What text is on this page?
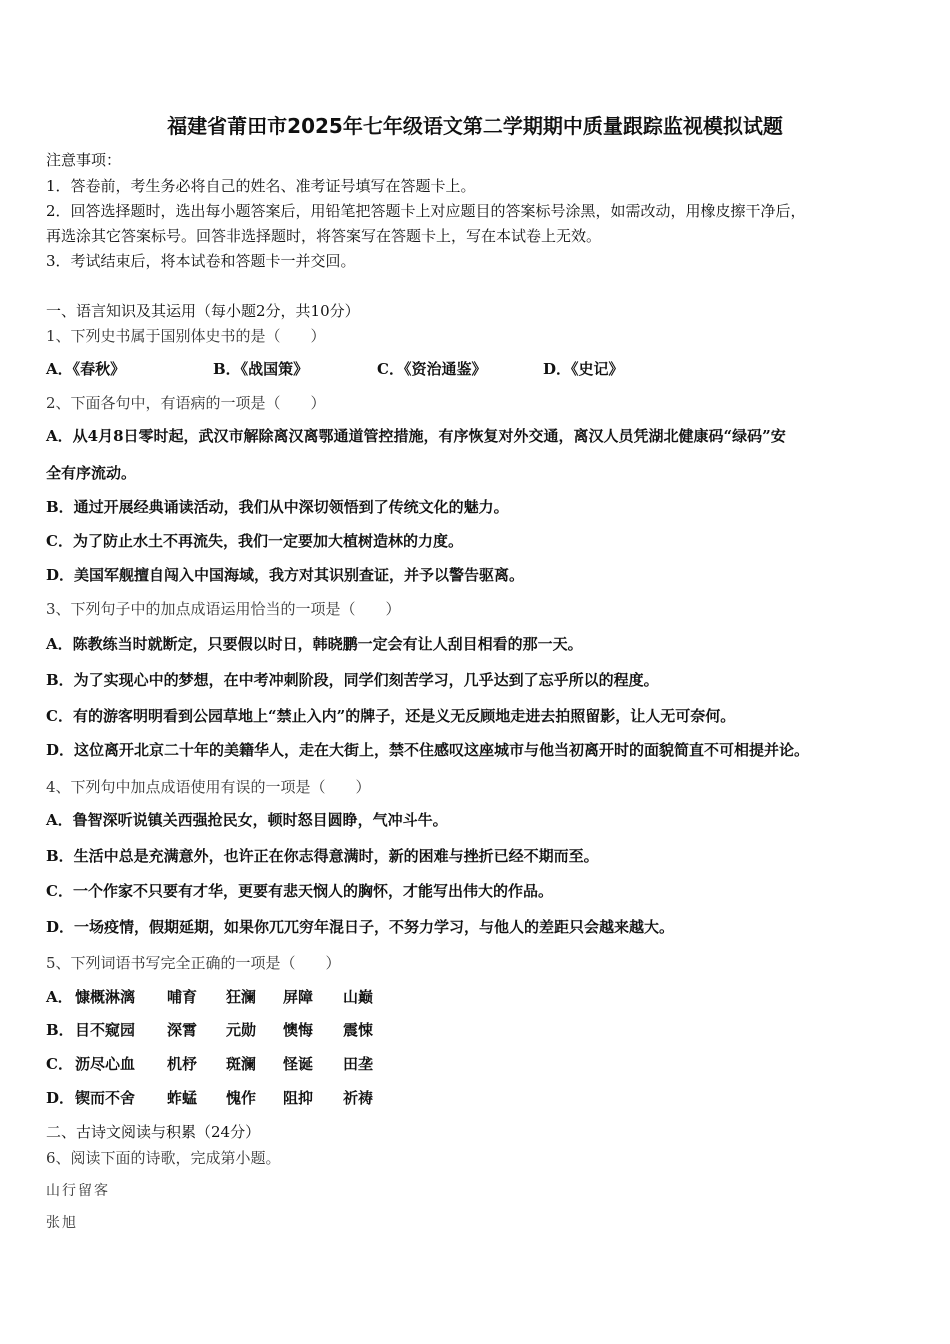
福建省莆田市2025年七年级语文第二学期期中质量跟踪监视模拟试题
注意事项：
1．答卷前，考生务必将自己的姓名、准考证号填写在答题卡上。
2．回答选择题时，选出每小题答案后，用铅笔把答题卡上对应题目的答案标号涂黑，如需改动，用橡皮擦干净后，
再选涂其它答案标号。回答非选择题时，将答案写在答题卡上，写在本试卷上无效。
3．考试结束后，将本试卷和答题卡一并交回。
一、语言知识及其运用（每小题2分，共10分）
1、下列史书属于国别体史书的是（　　）
A．《春秋》	B．《战国策》	C．《资治通鉴》	D．《史记》
2、下面各句中，有语病的一项是（　　）
A．从4月8日零时起，武汉市解除离汉离鄂通道管控措施，有序恢复对外交通，离汉人员凭湖北健康码“绿码”安
全有序流动。
B．通过开展经典诵读活动，我们从中深切领悟到了传统文化的魅力。
C．为了防止水土不再流失，我们一定要加大植树造林的力度。
D．美国军舰擅自闯入中国海域，我方对其识别查证，并予以警告驱离。
3、下列句子中的加点成语运用恰当的一项是（　　）
A．陈教练当时就断定，只要假以时日，韩晓鹏一定会有让人刮目相看的那一天。
B．为了实现心中的梦想，在中考冲刺阶段，同学们刻苦学习，几乎达到了忘乎所以的程度。
C．有的游客明明看到公园草地上“禁止入内”的牌子，还是义无反顾地走进去拍照留影，让人无可奈何。
D．这位离开北京二十年的美籍华人，走在大街上，禁不住感叹这座城市与他当初离开时的面貌简直不可相提并论。
4、下列句中加点成语使用有误的一项是（　　）
A．鲁智深听说镇关西强抢民女，顿时怒目圆睁，气冲斗牛。
B．生活中总是充满意外，也许正在你志得意满时，新的困难与挫折已经不期而至。
C．一个作家不只要有才华，更要有悲天悯人的胸怀，才能写出伟大的作品。
D．一场疫情，假期延期，如果你兀兀穷年混日子，不努力学习，与他人的差距只会越来越大。
5、下列词语书写完全正确的一项是（　　）
A． 慷概淋漓 哺育 狂澜 屏障 山巅
B． 目不窥园 深霄 元勋 懊悔 震悚
C． 沥尽心血 机杼 斑澜 怪诞 田垄
D． 锲而不舍 蚱蜢 愧作 阻抑 祈祷
二、古诗文阅读与积累（24分）
6、阅读下面的诗歌，完成第小题。
山行留客
张旭
